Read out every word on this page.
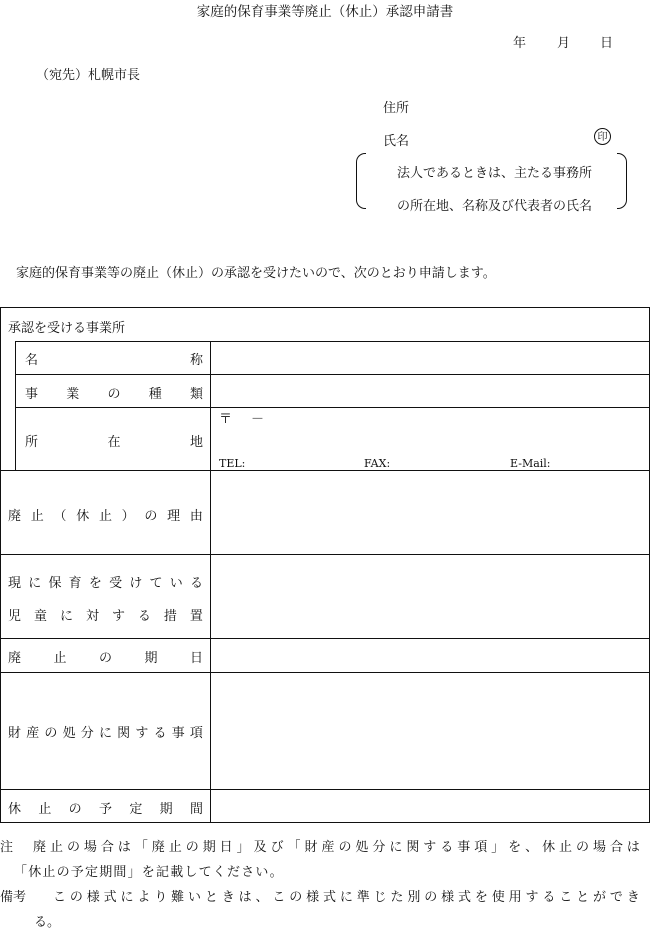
家庭的保育事業等廃止（休止）承認申請書
年 月 日
（宛先）札幌市長
住所
氏名	印
法人であるときは、主たる事務所
の所在地、名称及び代表者の氏名
家庭的保育事業等の廃止（休止）の承認を受けたいので、次のとおり申請します。
承認を受ける事業所
名	称
事 業 の 種 類
所	在	地
〒 －
TEL:	FAX:	E-Mail:
廃 止 （ 休 止 ） の 理 由
現 に 保 育 を 受 け て い る
児 童 に 対 す る 措 置
廃 止 の 期 日
財 産 の 処 分 に 関 す る 事 項
休 止 の 予 定 期 間
注 廃 止 の 場 合 は 「 廃 止 の 期 日 」 及 び 「 財 産 の 処 分 に 関 す る 事 項 」 を 、 休 止 の 場 合 は
「休止の予定期間」を記載してください。
備考 こ の 様 式 に よ り 難 い と き は 、 こ の 様 式 に 準 じ た 別 の 様 式 を 使 用 す る こ と が で き
る。
